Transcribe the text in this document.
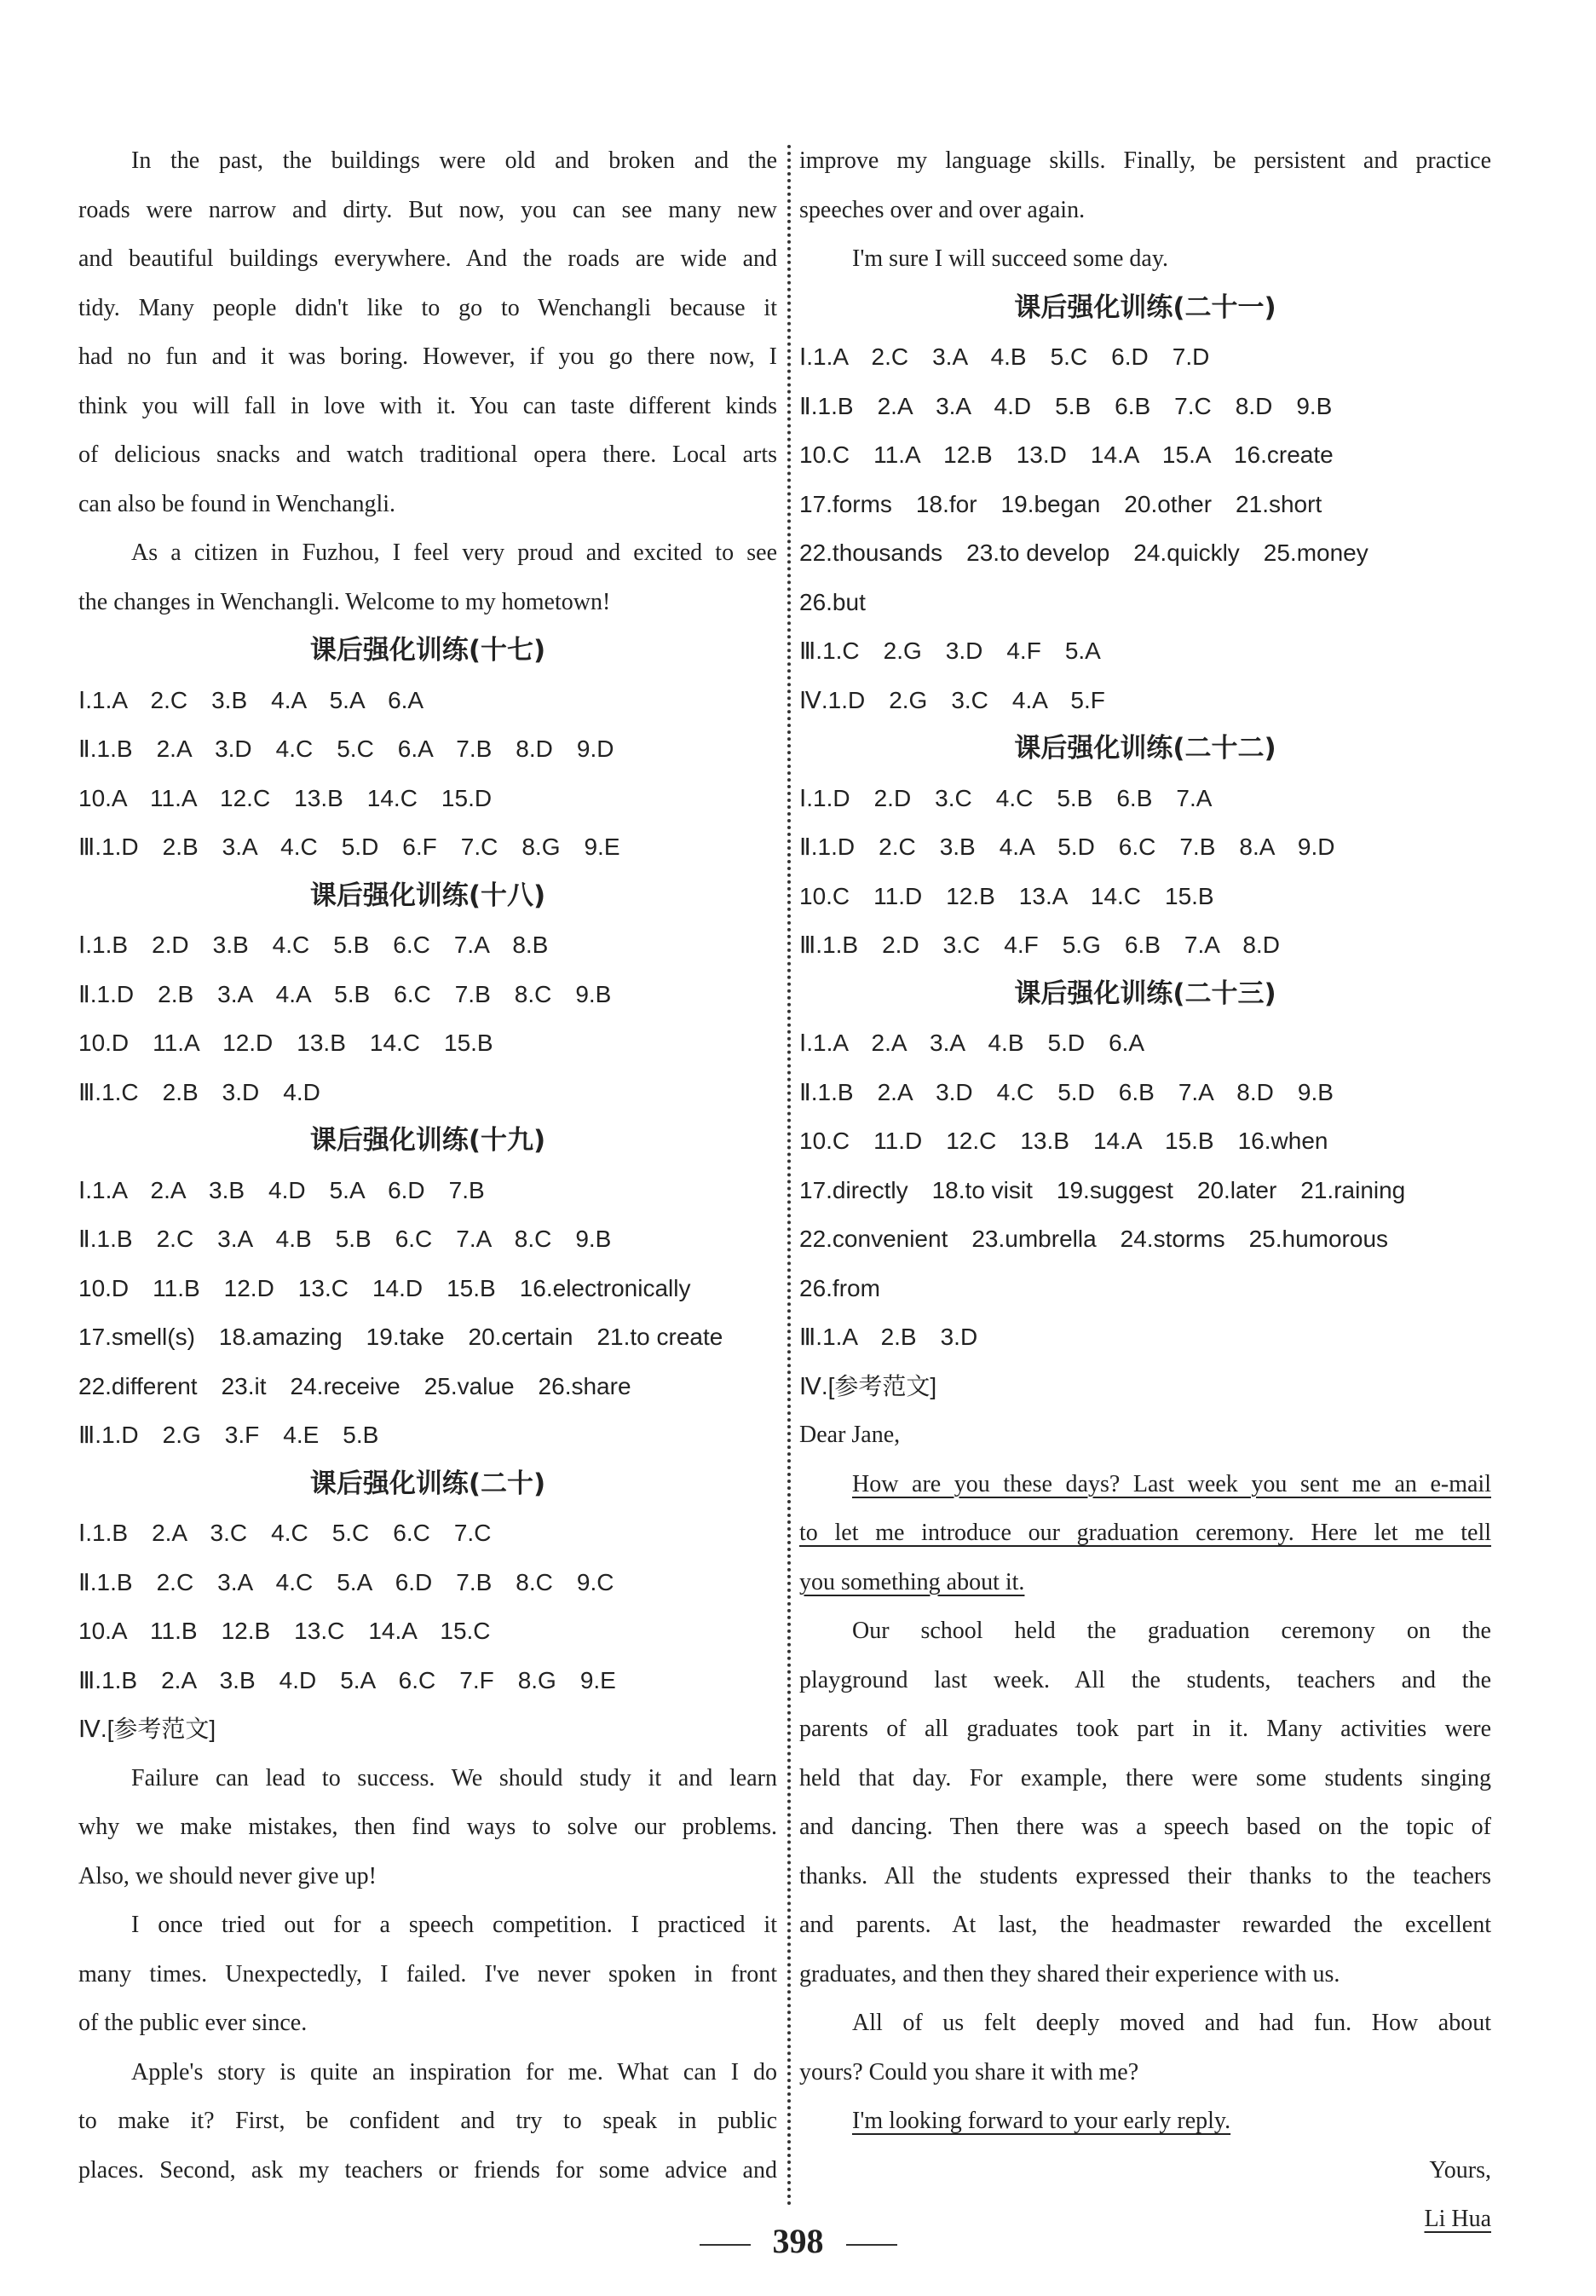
In the past, the buildings were old and broken and the
roads were narrow and dirty. But now, you can see many new
and beautiful buildings everywhere. And the roads are wide and
tidy. Many people didn't like to go to Wenchangli because it
had no fun and it was boring. However, if you go there now, I
think you will fall in love with it. You can taste different kinds
of delicious snacks and watch traditional opera there. Local arts
can also be found in Wenchangli.
As a citizen in Fuzhou, I feel very proud and excited to see
the changes in Wenchangli. Welcome to my hometown!
课后强化训练(十七)
Ⅰ.1.A　2.C　3.B　4.A　5.A　6.A
Ⅱ.1.B　2.A　3.D　4.C　5.C　6.A　7.B　8.D　9.D
10.A　11.A　12.C　13.B　14.C　15.D
Ⅲ.1.D　2.B　3.A　4.C　5.D　6.F　7.C　8.G　9.E
课后强化训练(十八)
Ⅰ.1.B　2.D　3.B　4.C　5.B　6.C　7.A　8.B
Ⅱ.1.D　2.B　3.A　4.A　5.B　6.C　7.B　8.C　9.B
10.D　11.A　12.D　13.B　14.C　15.B
Ⅲ.1.C　2.B　3.D　4.D
课后强化训练(十九)
Ⅰ.1.A　2.A　3.B　4.D　5.A　6.D　7.B
Ⅱ.1.B　2.C　3.A　4.B　5.B　6.C　7.A　8.C　9.B
10.D　11.B　12.D　13.C　14.D　15.B　16.electronically
17.smell(s)　18.amazing　19.take　20.certain　21.to create
22.different　23.it　24.receive　25.value　26.share
Ⅲ.1.D　2.G　3.F　4.E　5.B
课后强化训练(二十)
Ⅰ.1.B　2.A　3.C　4.C　5.C　6.C　7.C
Ⅱ.1.B　2.C　3.A　4.C　5.A　6.D　7.B　8.C　9.C
10.A　11.B　12.B　13.C　14.A　15.C
Ⅲ.1.B　2.A　3.B　4.D　5.A　6.C　7.F　8.G　9.E
Ⅳ.[参考范文]
Failure can lead to success. We should study it and learn
why we make mistakes, then find ways to solve our problems.
Also, we should never give up!
I once tried out for a speech competition. I practiced it
many times. Unexpectedly, I failed. I've never spoken in front
of the public ever since.
Apple's story is quite an inspiration for me. What can I do
to make it? First, be confident and try to speak in public
places. Second, ask my teachers or friends for some advice and
improve my language skills. Finally, be persistent and practice
speeches over and over again.
I'm sure I will succeed some day.
课后强化训练(二十一)
Ⅰ.1.A　2.C　3.A　4.B　5.C　6.D　7.D
Ⅱ.1.B　2.A　3.A　4.D　5.B　6.B　7.C　8.D　9.B
10.C　11.A　12.B　13.D　14.A　15.A　16.create
17.forms　18.for　19.began　20.other　21.short
22.thousands　23.to develop　24.quickly　25.money
26.but
Ⅲ.1.C　2.G　3.D　4.F　5.A
Ⅳ.1.D　2.G　3.C　4.A　5.F
课后强化训练(二十二)
Ⅰ.1.D　2.D　3.C　4.C　5.B　6.B　7.A
Ⅱ.1.D　2.C　3.B　4.A　5.D　6.C　7.B　8.A　9.D
10.C　11.D　12.B　13.A　14.C　15.B
Ⅲ.1.B　2.D　3.C　4.F　5.G　6.B　7.A　8.D
课后强化训练(二十三)
Ⅰ.1.A　2.A　3.A　4.B　5.D　6.A
Ⅱ.1.B　2.A　3.D　4.C　5.D　6.B　7.A　8.D　9.B
10.C　11.D　12.C　13.B　14.A　15.B　16.when
17.directly　18.to visit　19.suggest　20.later　21.raining
22.convenient　23.umbrella　24.storms　25.humorous
26.from
Ⅲ.1.A　2.B　3.D
Ⅳ.[参考范文]
Dear Jane,
How are you these days? Last week you sent me an e-mail
to let me introduce our graduation ceremony. Here let me tell
you something about it.
Our school held the graduation ceremony on the
playground last week. All the students, teachers and the
parents of all graduates took part in it. Many activities were
held that day. For example, there were some students singing
and dancing. Then there was a speech based on the topic of
thanks. All the students expressed their thanks to the teachers
and parents. At last, the headmaster rewarded the excellent
graduates, and then they shared their experience with us.
All of us felt deeply moved and had fun. How about
yours? Could you share it with me?
I'm looking forward to your early reply.
Yours,
Li Hua
398
